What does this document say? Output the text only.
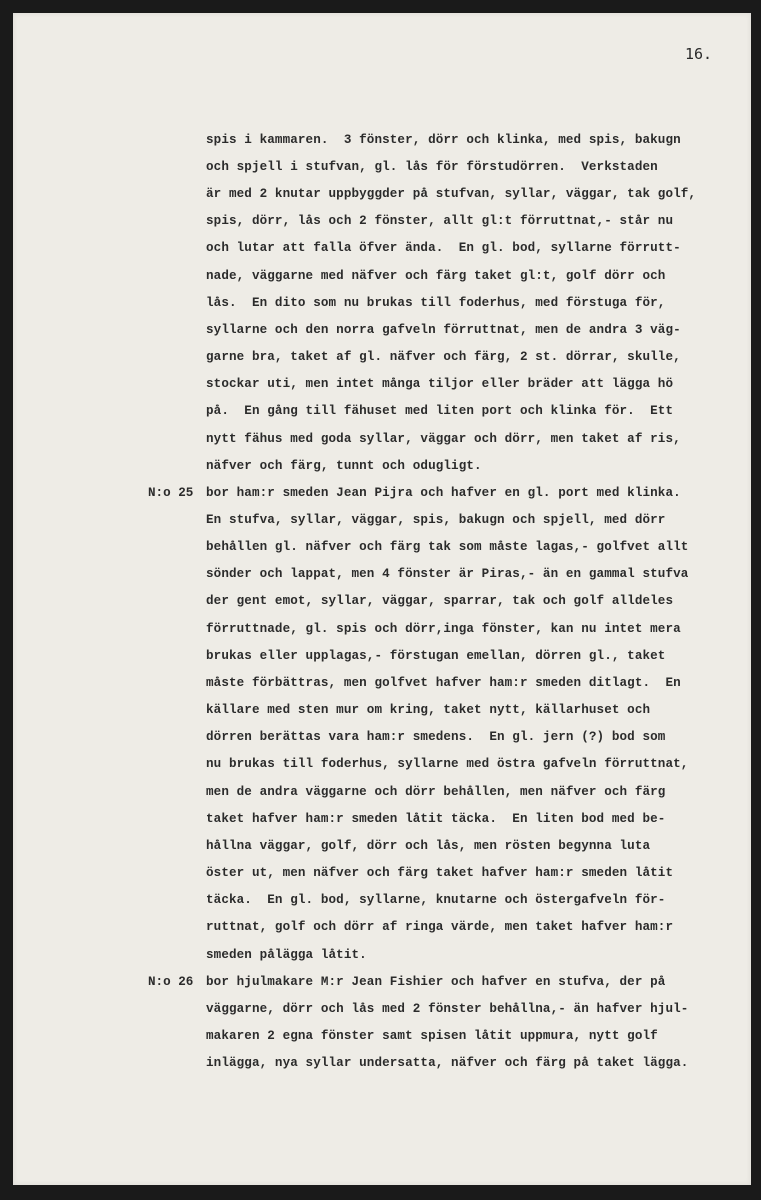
16.
spis i kammaren.  3 fönster, dörr och klinka, med spis, bakugn
och spjell i stufvan, gl. lås för förstudörren.  Verkstaden
är med 2 knutar uppbyggder på stufvan, syllar, väggar, tak golf,
spis, dörr, lås och 2 fönster, allt gl:t förruttnat,- står nu
och lutar att falla öfver ända.  En gl. bod, syllarne förrutt-
nade, väggarne med näfver och färg taket gl:t, golf dörr och
lås.  En dito som nu brukas till foderhus, med förstuga för,
syllarne och den norra gafveln förruttnat, men de andra 3 väg-
garne bra, taket af gl. näfver och färg, 2 st. dörrar, skulle,
stockar uti, men intet många tiljor eller bräder att lägga hö
på.  En gång till fähuset med liten port och klinka för.  Ett
nytt fähus med goda syllar, väggar och dörr, men taket af ris,
näfver och färg, tunnt och odugligt.
N:o 25 bor ham:r smeden Jean Pijra och hafver en gl. port med klinka.
En stufva, syllar, väggar, spis, bakugn och spjell, med dörr
behållen gl. näfver och färg tak som måste lagas,- golfvet allt
sönder och lappat, men 4 fönster är Piras,- än en gammal stufva
der gent emot, syllar, väggar, sparrar, tak och golf alldeles
förruttnade, gl. spis och dörr,inga fönster, kan nu intet mera
brukas eller upplagas,- förstugan emellan, dörren gl., taket
måste förbättras, men golfvet hafver ham:r smeden ditlagt.  En
källare med sten mur om kring, taket nytt, källarhuset och
dörren berättas vara ham:r smedens.  En gl. jern (?) bod som
nu brukas till foderhus, syllarne med östra gafveln förruttnat,
men de andra väggarne och dörr behållen, men näfver och färg
taket hafver ham:r smeden låtit täcka.  En liten bod med be-
hållna väggar, golf, dörr och lås, men rösten begynna luta
öster ut, men näfver och färg taket hafver ham:r smeden låtit
täcka.  En gl. bod, syllarne, knutarne och östergafveln för-
ruttnat, golf och dörr af ringa värde, men taket hafver ham:r
smeden pålägga låtit.
N:o 26 bor hjulmakare M:r Jean Fishier och hafver en stufva, der på
väggarne, dörr och lås med 2 fönster behållna,- än hafver hjul-
makaren 2 egna fönster samt spisen låtit uppmura, nytt golf
inlägga, nya syllar undersatta, näfver och färg på taket lägga.
